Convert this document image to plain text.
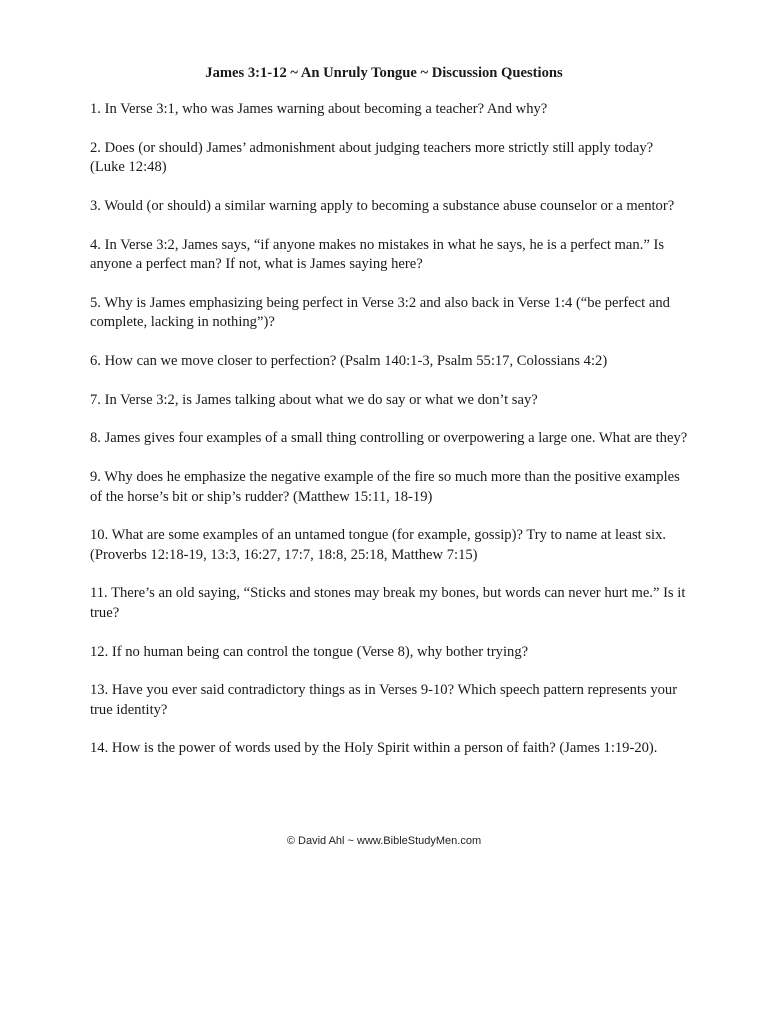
James 3:1-12 ~ An Unruly Tongue ~ Discussion Questions
1. In Verse 3:1, who was James warning about becoming a teacher? And why?
2. Does (or should) James’ admonishment about judging teachers more strictly still apply today? (Luke 12:48)
3. Would (or should) a similar warning apply to becoming a substance abuse counselor or a mentor?
4. In Verse 3:2, James says, “if anyone makes no mistakes in what he says, he is a perfect man.” Is anyone a perfect man? If not, what is James saying here?
5. Why is James emphasizing being perfect in Verse 3:2 and also back in Verse 1:4 (“be perfect and complete, lacking in nothing”)?
6. How can we move closer to perfection? (Psalm 140:1-3, Psalm 55:17, Colossians 4:2)
7. In Verse 3:2, is James talking about what we do say or what we don’t say?
8. James gives four examples of a small thing controlling or overpowering a large one. What are they?
9. Why does he emphasize the negative example of the fire so much more than the positive examples of the horse’s bit or ship’s rudder? (Matthew 15:11, 18-19)
10. What are some examples of an untamed tongue (for example, gossip)? Try to name at least six. (Proverbs 12:18-19, 13:3, 16:27, 17:7, 18:8, 25:18, Matthew 7:15)
11. There’s an old saying, “Sticks and stones may break my bones, but words can never hurt me.” Is it true?
12. If no human being can control the tongue (Verse 8), why bother trying?
13. Have you ever said contradictory things as in Verses 9-10? Which speech pattern represents your true identity?
14. How is the power of words used by the Holy Spirit within a person of faith? (James 1:19-20).
© David Ahl ~ www.BibleStudyMen.com
